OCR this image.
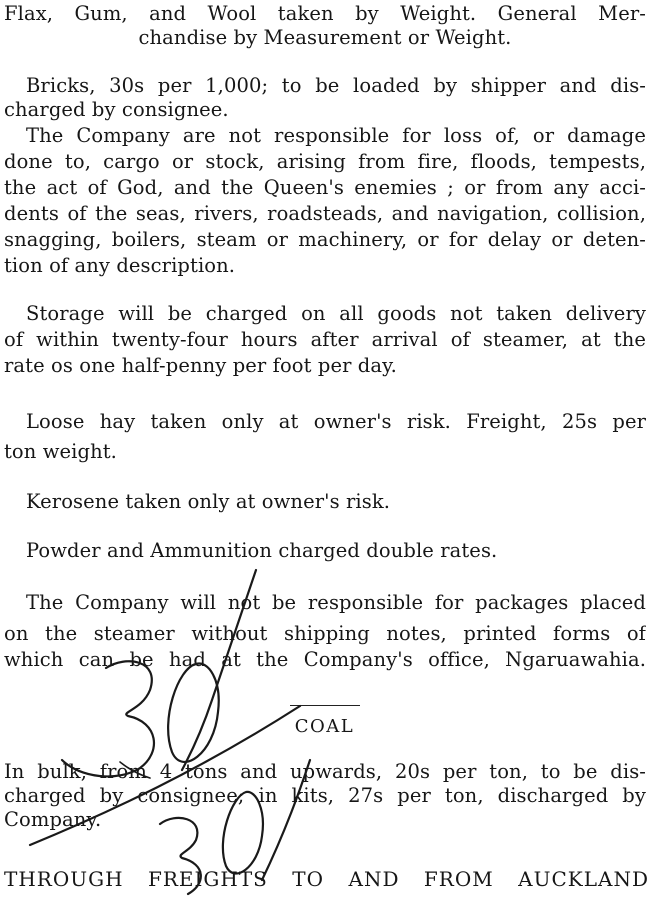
Flax, Gum, and Wool taken by Weight. General Mer-
chandise by Measurement or Weight.
Bricks, 30s per 1,000; to be loaded by shipper and dis-
charged by consignee.
The Company are not responsible for loss of, or damage
done to, cargo or stock, arising from fire, floods, tempests,
the act of God, and the Queen's enemies ; or from any acci-
dents of the seas, rivers, roadsteads, and navigation, collision,
snagging, boilers, steam or machinery, or for delay or deten-
tion of any description.
Storage will be charged on all goods not taken delivery
of within twenty-four hours after arrival of steamer, at the
rate os one half-penny per foot per day.
Loose hay taken only at owner's risk. Freight, 25s per
ton weight.
Kerosene taken only at owner's risk.
Powder and Ammunition charged double rates.
The Company will not be responsible for packages placed
on the steamer without shipping notes, printed forms of
which can be had at the Company's office, Ngaruawahia.
COAL
In bulk, from 4 tons and upwards, 20s per ton, to be dis-
charged by consignee; in kits, 27s per ton, discharged by
Company.
THROUGH FREIGHTS TO AND FROM AUCKLAND
